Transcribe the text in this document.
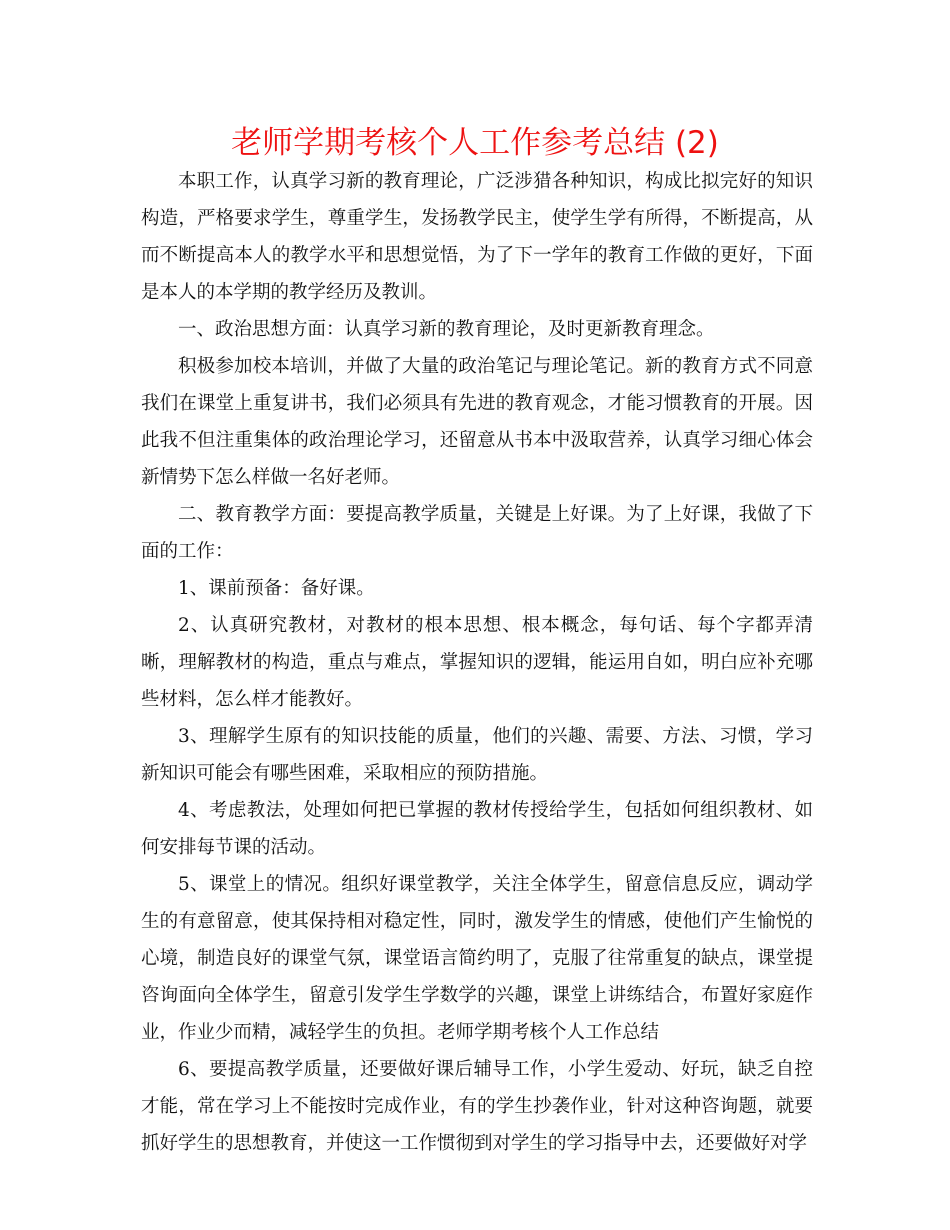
老师学期考核个人工作参考总结 (2)

本职工作，认真学习新的教育理论，广泛涉猎各种知识，构成比拟完好的知识构造，严格要求学生，尊重学生，发扬教学民主，使学生学有所得，不断提高，从而不断提高本人的教学水平和思想觉悟，为了下一学年的教育工作做的更好，下面是本人的本学期的教学经历及教训。

一、政治思想方面：认真学习新的教育理论，及时更新教育理念。

积极参加校本培训，并做了大量的政治笔记与理论笔记。新的教育方式不同意我们在课堂上重复讲书，我们必须具有先进的教育观念，才能习惯教育的开展。因此我不但注重集体的政治理论学习，还留意从书本中汲取营养，认真学习细心体会新情势下怎么样做一名好老师。

二、教育教学方面：要提高教学质量，关键是上好课。为了上好课，我做了下面的工作：

1、课前预备：备好课。

2、认真研究教材，对教材的根本思想、根本概念，每句话、每个字都弄清晰，理解教材的构造，重点与难点，掌握知识的逻辑，能运用自如，明白应补充哪些材料，怎么样才能教好。

3、理解学生原有的知识技能的质量，他们的兴趣、需要、方法、习惯，学习新知识可能会有哪些困难，采取相应的预防措施。

4、考虑教法，处理如何把已掌握的教材传授给学生，包括如何组织教材、如何安排每节课的活动。

5、课堂上的情况。组织好课堂教学，关注全体学生，留意信息反应，调动学生的有意留意，使其保持相对稳定性，同时，激发学生的情感，使他们产生愉悦的心境，制造良好的课堂气氛，课堂语言简约明了，克服了往常重复的缺点，课堂提咨询面向全体学生，留意引发学生学数学的兴趣，课堂上讲练结合，布置好家庭作业，作业少而精，减轻学生的负担。老师学期考核个人工作总结

6、要提高教学质量，还要做好课后辅导工作，小学生爱动、好玩，缺乏自控才能，常在学习上不能按时完成作业，有的学生抄袭作业，针对这种咨询题，就要抓好学生的思想教育，并使这一工作惯彻到对学生的学习指导中去，还要做好对学
